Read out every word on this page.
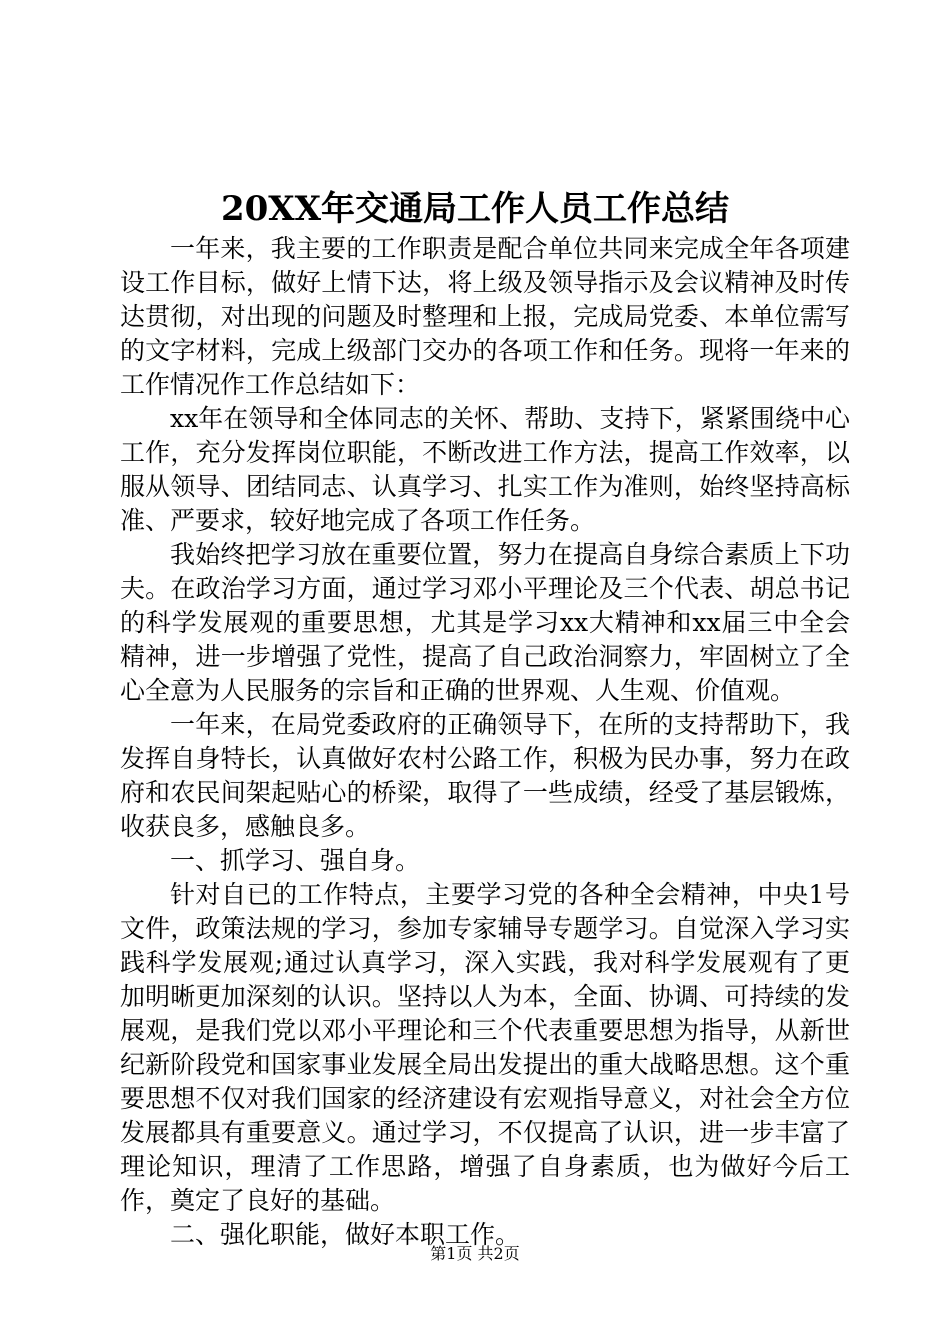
20XX年交通局工作人员工作总结

一年来，我主要的工作职责是配合单位共同来完成全年各项建设工作目标，做好上情下达，将上级及领导指示及会议精神及时传达贯彻，对出现的问题及时整理和上报，完成局党委、本单位需写的文字材料，完成上级部门交办的各项工作和任务。现将一年来的工作情况作工作总结如下：

xx年在领导和全体同志的关怀、帮助、支持下，紧紧围绕中心工作，充分发挥岗位职能，不断改进工作方法，提高工作效率，以服从领导、团结同志、认真学习、扎实工作为准则，始终坚持高标准、严要求，较好地完成了各项工作任务。

我始终把学习放在重要位置，努力在提高自身综合素质上下功夫。在政治学习方面，通过学习邓小平理论及三个代表、胡总书记的科学发展观的重要思想，尤其是学习xx大精神和xx届三中全会精神，进一步增强了党性，提高了自己政治洞察力，牢固树立了全心全意为人民服务的宗旨和正确的世界观、人生观、价值观。

一年来，在局党委政府的正确领导下，在所的支持帮助下，我发挥自身特长，认真做好农村公路工作，积极为民办事，努力在政府和农民间架起贴心的桥梁，取得了一些成绩，经受了基层锻炼，收获良多，感触良多。

一、抓学习、强自身。

针对自已的工作特点，主要学习党的各种全会精神，中央1号文件，政策法规的学习，参加专家辅导专题学习。自觉深入学习实践科学发展观;通过认真学习，深入实践，我对科学发展观有了更加明晰更加深刻的认识。坚持以人为本，全面、协调、可持续的发展观，是我们党以邓小平理论和三个代表重要思想为指导，从新世纪新阶段党和国家事业发展全局出发提出的重大战略思想。这个重要思想不仅对我们国家的经济建设有宏观指导意义，对社会全方位发展都具有重要意义。通过学习，不仅提高了认识，进一步丰富了理论知识，理清了工作思路，增强了自身素质，也为做好今后工作，奠定了良好的基础。

二、强化职能，做好本职工作。

第1页 共2页
